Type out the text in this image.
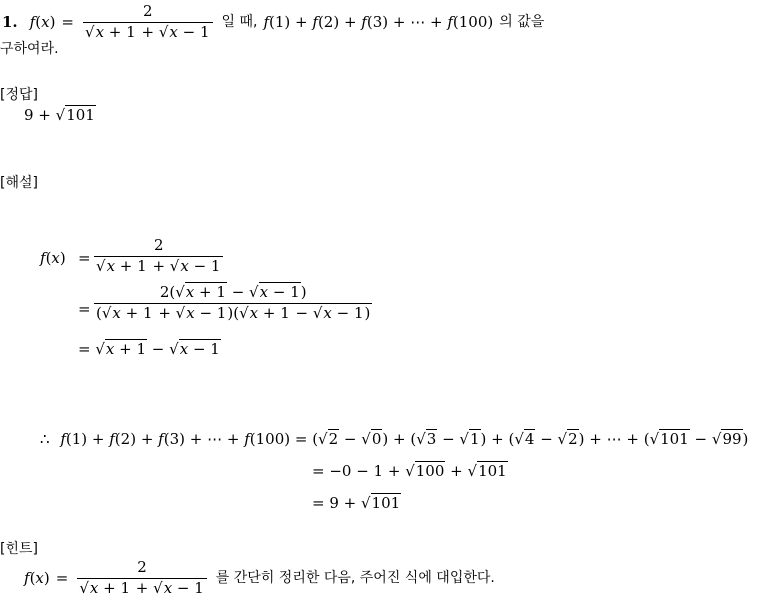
1. $f(x) = \frac{2}{√x + 1 + √x - 1}$ 일 때, f(1) + f(2) + f(3) + ⋯ + f(100) 의 값을
구하여라.
[정답]
9 + √101
[해설]
$f(x) = \frac{2}{√x + 1 + √x - 1}$
= $\frac{2(√x + 1 - √x - 1)}{(√x + 1 + √x - 1)(√x + 1 - √x - 1)}$
= √x + 1 − √x − 1
∴ f(1) + f(2) + f(3) + ⋯ + f(100) = (√2 − √0) + (√3 − √1) + (√4 − √2) + ⋯ + (√101 − √99)
= −0 − 1 + √100 + √101
= 9 + √101
[힌트]
$f(x) = \frac{2}{√x + 1 + √x - 1}$ 를 간단히 정리한 다음, 주어진 식에 대입한다.
